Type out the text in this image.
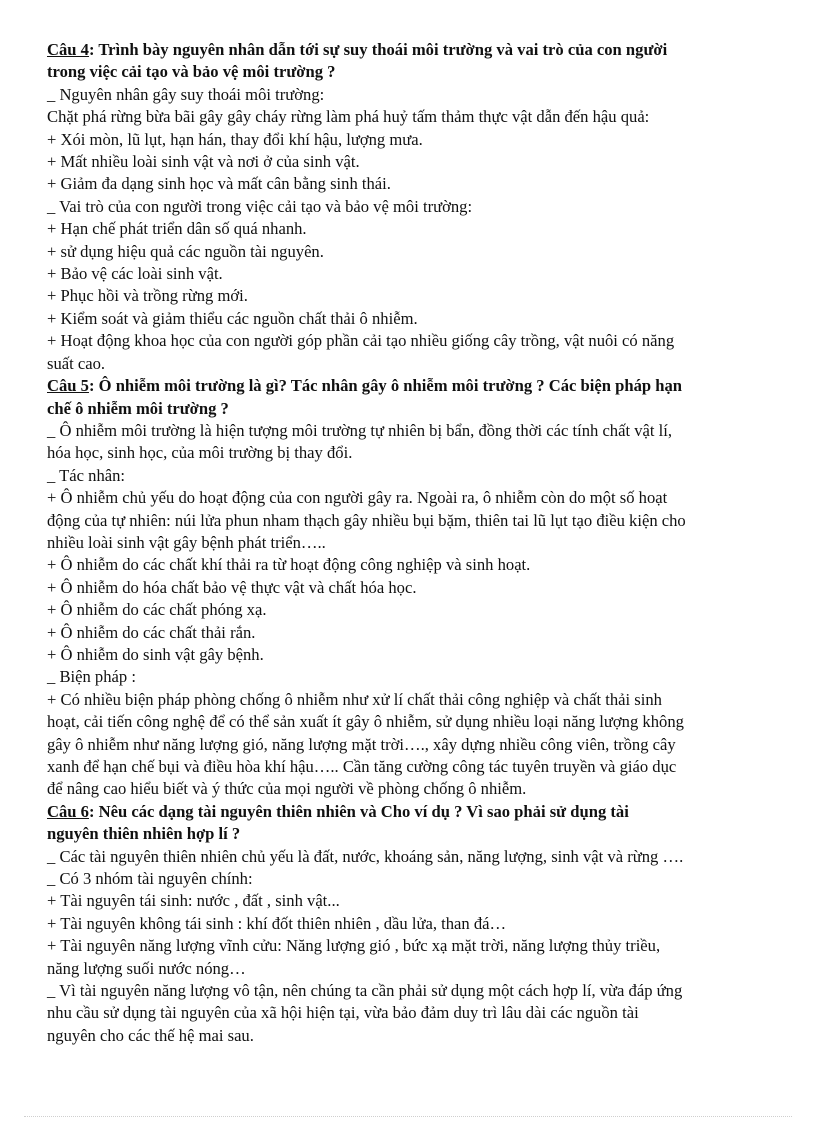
Câu 4: Trình bày nguyên nhân dẫn tới sự suy thoái môi trường và vai trò của con người
trong việc cải tạo và bảo vệ môi trường ?
_ Nguyên nhân gây suy thoái môi trường:
Chặt phá rừng bừa bãi gây gây cháy rừng làm phá huỷ tấm thảm thực vật dẫn đến hậu quả:
+ Xói mòn, lũ lụt, hạn hán, thay đổi khí hậu, lượng mưa.
+ Mất nhiều loài sinh vật và nơi ở của sinh vật.
+ Giảm đa dạng sinh học và mất cân bằng sinh thái.
_ Vai trò của con người trong việc cải tạo và bảo vệ môi trường:
+ Hạn chế phát triển dân số quá nhanh.
+ sử dụng hiệu quả các nguồn tài nguyên.
+ Bảo vệ các loài sinh vật.
+ Phục hồi và trồng rừng mới.
+ Kiểm soát và giảm thiểu các nguồn chất thải ô nhiễm.
+ Hoạt động khoa học của con người góp phần cải tạo nhiều giống cây trồng, vật nuôi có năng
suất cao.
Câu 5: Ô nhiễm môi trường là gì? Tác nhân gây ô nhiễm môi trường ? Các biện pháp hạn
chế ô nhiễm môi trường ?
_ Ô nhiễm môi trường là hiện tượng môi trường tự nhiên bị bẩn, đồng thời các tính chất vật lí,
hóa học, sinh học, của môi trường bị thay đổi.
_ Tác nhân:
+ Ô nhiễm chủ yếu do hoạt động của con người gây ra. Ngoài ra, ô nhiễm còn do một số hoạt
động của tự nhiên: núi lửa phun nham thạch gây nhiều bụi bặm, thiên tai lũ lụt tạo điều kiện cho
nhiều loài sinh vật gây bệnh phát triển…..
+ Ô nhiễm do các chất khí thải ra từ hoạt động công nghiệp và sinh hoạt.
+ Ô nhiễm do hóa chất bảo vệ thực vật và chất hóa học.
+ Ô nhiễm do các chất phóng xạ.
+ Ô nhiễm do các chất thải rắn.
+ Ô nhiễm do sinh vật gây bệnh.
_ Biện pháp :
+ Có nhiều biện pháp phòng chống ô nhiễm như xử lí chất thải công nghiệp và chất thải sinh
hoạt, cải tiến công nghệ để có thể sản xuất ít gây ô nhiễm, sử dụng nhiều loại năng lượng không
gây ô nhiễm như năng lượng gió, năng lượng mặt trời…., xây dựng nhiều công viên, trồng cây
xanh để hạn chế bụi và điều hòa khí hậu….. Cần tăng cường công tác tuyên truyền và giáo dục
để nâng cao hiểu biết và ý thức của mọi người về phòng chống ô nhiễm.
Câu 6: Nêu các dạng tài nguyên thiên nhiên và Cho ví dụ ? Vì sao phải sử dụng tài
nguyên thiên nhiên hợp lí ?
_ Các tài nguyên thiên nhiên chủ yếu là đất, nước, khoáng sản, năng lượng, sinh vật và rừng ….
_ Có 3 nhóm tài nguyên chính:
+ Tài nguyên tái sinh: nước , đất , sinh vật...
+ Tài nguyên không tái sinh : khí đốt thiên nhiên , dầu lửa, than đá…
+ Tài nguyên năng lượng vĩnh cửu: Năng lượng gió , bức xạ mặt trời, năng lượng thủy triều,
năng lượng suối nước nóng…
_ Vì tài nguyên năng lượng vô tận, nên chúng ta cần phải sử dụng một cách hợp lí, vừa đáp ứng
nhu cầu sử dụng tài nguyên của xã hội hiện tại, vừa bảo đảm duy trì lâu dài các nguồn tài
nguyên cho các thế hệ mai sau.
